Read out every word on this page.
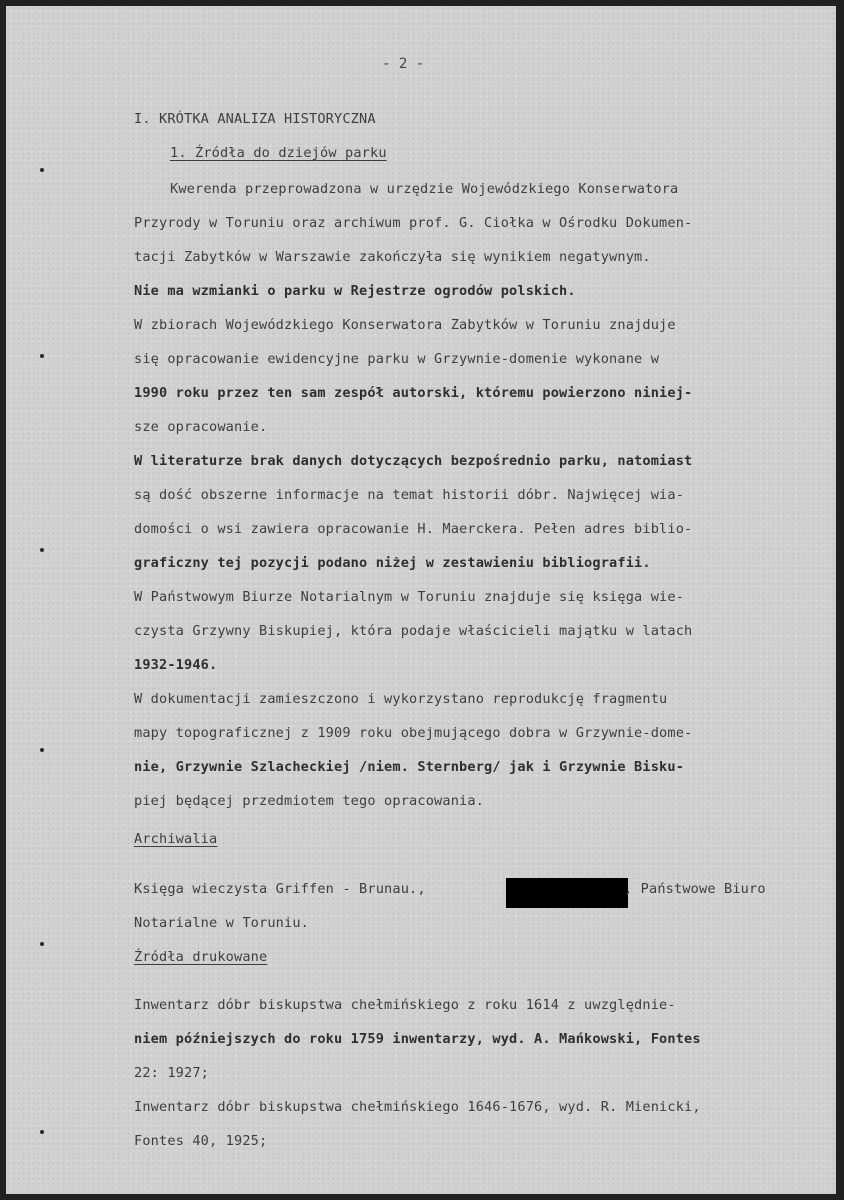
- 2 -
I. KRÓTKA ANALIZA HISTORYCZNA
1. Źródła do dziejów parku
Kwerenda przeprowadzona w urzędzie Wojewódzkiego Konserwatora
Przyrody w Toruniu oraz archiwum prof. G. Ciołka w Ośrodku Dokumen-
tacji Zabytków w Warszawie zakończyła się wynikiem negatywnym.
Nie ma wzmianki o parku w Rejestrze ogrodów polskich.
W zbiorach Wojewódzkiego Konserwatora Zabytków w Toruniu znajduje
się opracowanie ewidencyjne parku w Grzywnie-domenie wykonane w
1990 roku przez ten sam zespół autorski, któremu powierzono niniej-
sze opracowanie.
W literaturze brak danych dotyczących bezpośrednio parku, natomiast
są dość obszerne informacje na temat historii dóbr. Najwięcej wia-
domości o wsi zawiera opracowanie H. Maerckera. Pełen adres biblio-
graficzny tej pozycji podano niżej w zestawieniu bibliografii.
W Państwowym Biurze Notarialnym w Toruniu znajduje się księga wie-
czysta Grzywny Biskupiej, która podaje właścicieli majątku w latach
1932-1946.
W dokumentacji zamieszczono i wykorzystano reprodukcję fragmentu
mapy topograficznej z 1909 roku obejmującego dobra w Grzywnie-dome-
nie, Grzywnie Szlacheckiej /niem. Sternberg/ jak i Grzywnie Bisku-
piej będącej przedmiotem tego opracowania.
Archiwalia
Księga wieczysta Griffen - Brunau.,	, Państwowe Biuro
Notarialne w Toruniu.
Źródła drukowane
Inwentarz dóbr biskupstwa chełmińskiego z roku 1614 z uwzględnie-
niem późniejszych do roku 1759 inwentarzy, wyd. A. Mańkowski, Fontes
22: 1927;
Inwentarz dóbr biskupstwa chełmińskiego 1646-1676, wyd. R. Mienicki,
Fontes 40, 1925;
